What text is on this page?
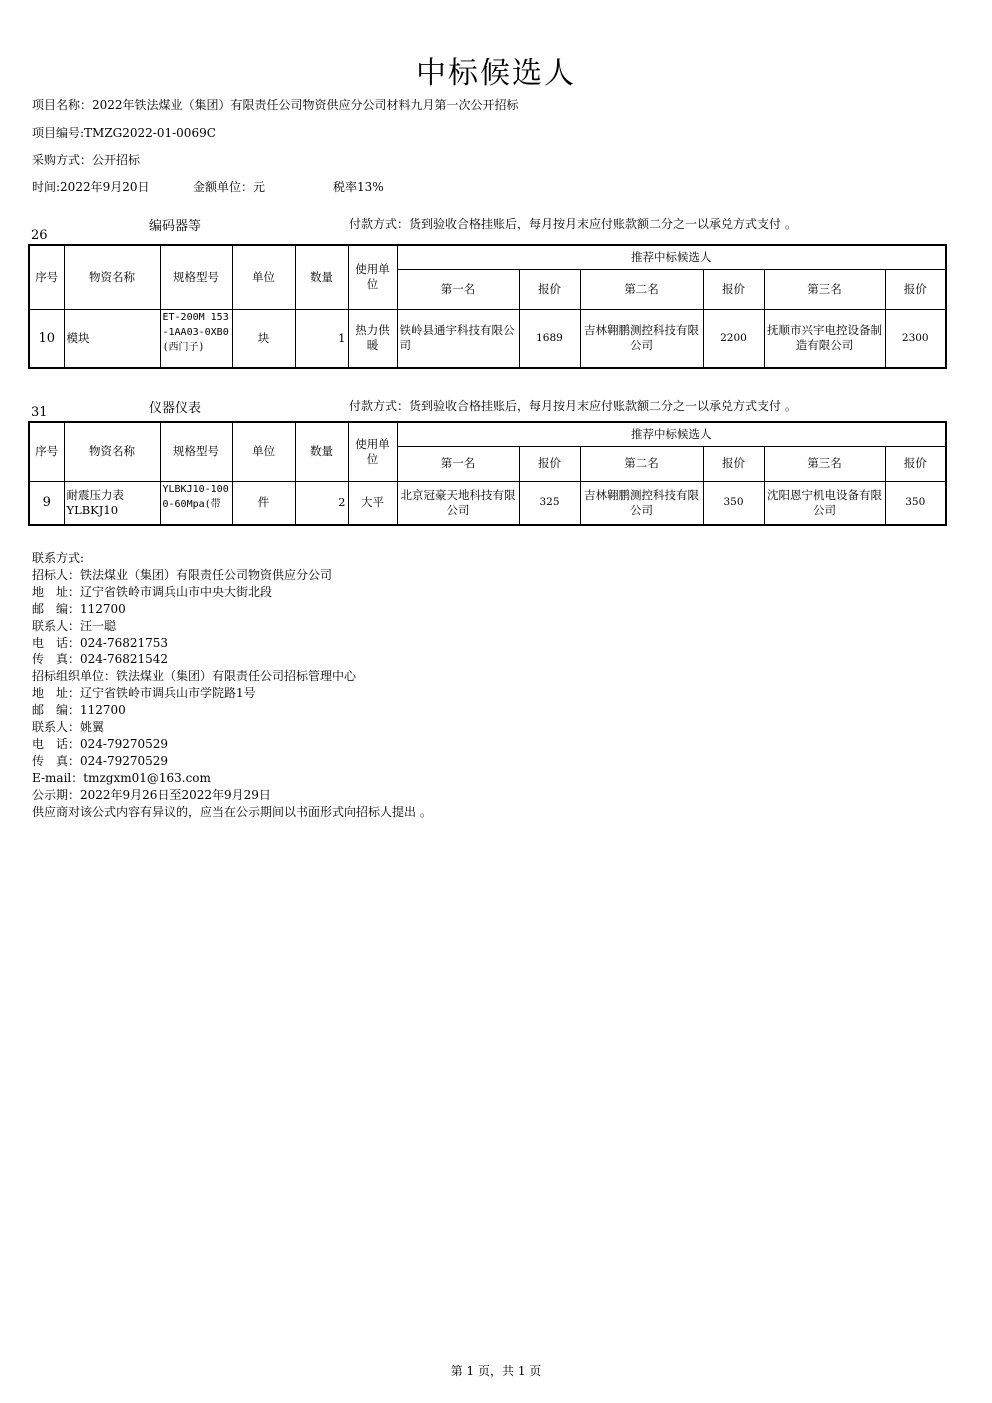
中标候选人
项目名称：2022年铁法煤业（集团）有限责任公司物资供应分公司材料九月第一次公开招标
项目编号:TMZG2022-01-0069C
采购方式：公开招标
时间:2022年9月20日	金额单位：元	税率13%
26
编码器等	付款方式：货到验收合格挂账后，每月按月末应付账款额二分之一以承兑方式支付 。
序号	物资名称	规格型号	单位	数量	使用单位	推荐中标候选人					
						第一名	报价	第二名	报价	第三名	报价
10	模块	ET-200M 153-1AA03-0XB0(西门子)	块	1	热力供暖	铁岭县通宇科技有限公司	1689	吉林翱鹏测控科技有限公司	2200	抚顺市兴宇电控设备制造有限公司	2300
31	仪器仪表	付款方式：货到验收合格挂账后，每月按月末应付账款额二分之一以承兑方式支付 。
序号	物资名称	规格型号	单位	数量	使用单位	推荐中标候选人					
						第一名	报价	第二名	报价	第三名	报价
9	耐震压力表YLBKJ10	YLBKJ10-100 0-60Mpa(带	件	2	大平	北京冠豪天地科技有限公司	325	吉林翱鹏测控科技有限公司	350	沈阳恩宁机电设备有限公司	350
联系方式:
招标人：铁法煤业（集团）有限责任公司物资供应分公司
地　址：辽宁省铁岭市调兵山市中央大街北段
邮　编：112700
联系人：汪一聪
电　话：024-76821753
传　真：024-76821542
招标组织单位：铁法煤业（集团）有限责任公司招标管理中心
地　址：辽宁省铁岭市调兵山市学院路1号
邮　编：112700
联系人：姚翼
电　话：024-79270529
传　真：024-79270529
E-mail：tmzgxm01@163.com
公示期：2022年9月26日至2022年9月29日
供应商对该公式内容有异议的，应当在公示期间以书面形式向招标人提出 。
第 1 页，共 1 页
